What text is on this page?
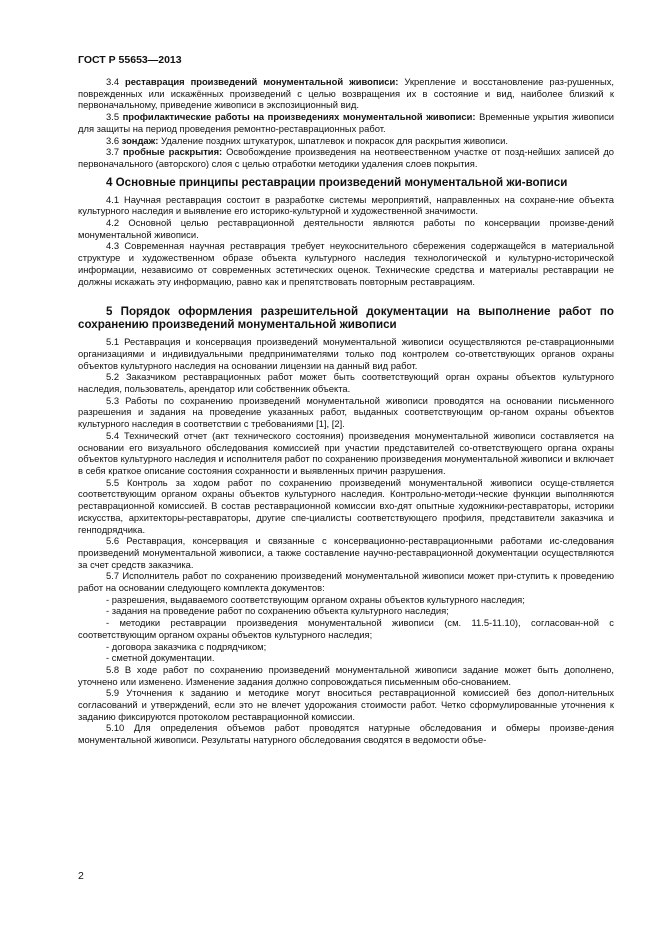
ГОСТ Р 55653—2013

3.4 реставрация произведений монументальной живописи: Укрепление и восстановление раз-рушенных, поврежденных или искажённых произведений с целью возвращения их в состояние и вид, наиболее близкий к первоначальному, приведение живописи в экспозиционный вид.

3.5 профилактические работы на произведениях монументальной живописи: Временные укрытия живописи для защиты на период проведения ремонтно-реставрационных работ.

3.6 зондаж: Удаление поздних штукатурок, шпатлевок и покрасок для раскрытия живописи.

3.7 пробные раскрытия: Освобождение произведения на неотвеественном участке от позд-нейших записей до первоначального (авторского) слоя с целью отработки методики удаления слоев покрытия.

4 Основные принципы реставрации произведений монументальной жи-вописи

4.1 Научная реставрация состоит в разработке системы мероприятий, направленных на сохране-ние объекта культурного наследия и выявление его историко-культурной и художественной значимости.

4.2 Основной целью реставрационной деятельности являются работы по консервации произве-дений монументальной живописи.

4.3 Современная научная реставрация требует неукоснительного сбережения содержащейся в материальной структуре и художественном образе объекта культурного наследия технологической и культурно-исторической информации, независимо от современных эстетических оценок. Технические средства и материалы реставрации не должны искажать эту информацию, равно как и препятствовать повторным реставрациям.

5 Порядок оформления разрешительной документации на выполнение работ по сохранению произведений монументальной живописи

5.1 Реставрация и консервация произведений монументальной живописи осуществляются ре-ставрационными организациями и индивидуальными предпринимателями только под контролем со-ответствующих органов охраны объектов культурного наследия на основании лицензии на данный вид работ.

5.2 Заказчиком реставрационных работ может быть соответствующий орган охраны объектов культурного наследия, пользователь, арендатор или собственник объекта.

5.3 Работы по сохранению произведений монументальной живописи проводятся на основании письменного разрешения и задания на проведение указанных работ, выданных соответствующим ор-ганом охраны объектов культурного наследия в соответствии с требованиями [1], [2].

5.4 Технический отчет (акт технического состояния) произведения монументальной живописи составляется на основании его визуального обследования комиссией при участии представителей со-ответствующего органа охраны объектов культурного наследия и исполнителя работ по сохранению произведения монументальной живописи и включает в себя краткое описание состояния сохранности и выявленных причин разрушения.

5.5 Контроль за ходом работ по сохранению произведений монументальной живописи осуще-ствляется соответствующим органом охраны объектов культурного наследия. Контрольно-методи-ческие функции выполняются реставрационной комиссией. В состав реставрационной комиссии вхо-дят опытные художники-реставраторы, историки искусства, архитекторы-реставраторы, другие спе-циалисты соответствующего профиля, представители заказчика и генподрядчика.

5.6 Реставрация, консервация и связанные с консервационно-реставрационными работами ис-следования произведений монументальной живописи, а также составление научно-реставрационной документации осуществляются за счет средств заказчика.

5.7 Исполнитель работ по сохранению произведений монументальной живописи может при-ступить к проведению работ на основании следующего комплекта документов:

- разрешения, выдаваемого соответствующим органом охраны объектов культурного наследия;

- задания на проведение работ по сохранению объекта культурного наследия;

- методики реставрации произведения монументальной живописи (см. 11.5-11.10), согласован-ной с соответствующим органом охраны объектов культурного наследия;

- договора заказчика с подрядчиком;

- сметной документации.

5.8 В ходе работ по сохранению произведений монументальной живописи задание может быть дополнено, уточнено или изменено. Изменение задания должно сопровождаться письменным обо-снованием.

5.9 Уточнения к заданию и методике могут вноситься реставрационной комиссией без допол-нительных согласований и утверждений, если это не влечет удорожания стоимости работ. Четко сформулированные уточнения к заданию фиксируются протоколом реставрационной комиссии.

5.10 Для определения объемов работ проводятся натурные обследования и обмеры произве-дения монументальной живописи. Результаты натурного обследования сводятся в ведомости объе-

2
